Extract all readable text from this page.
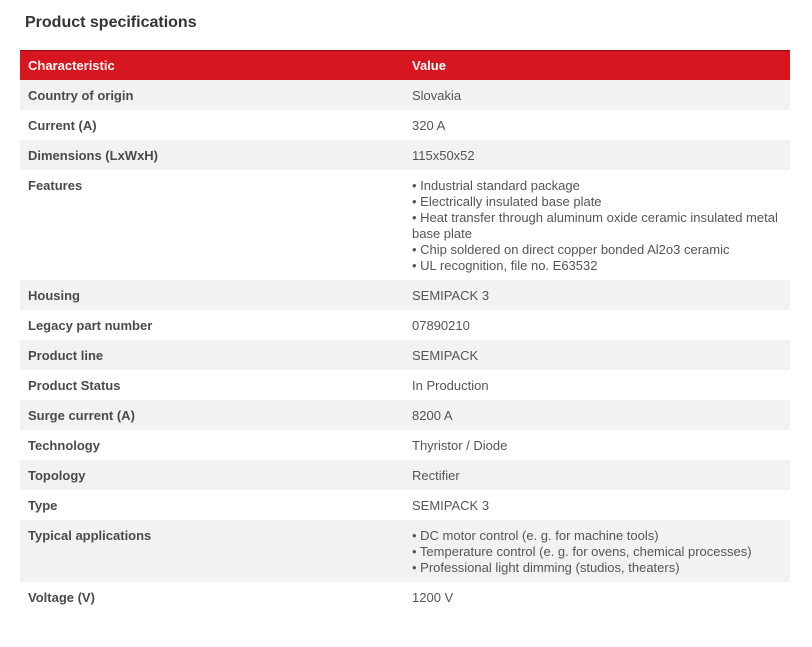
Product specifications
Characteristic	Value
Country of origin	Slovakia
Current (A)	320 A
Dimensions (LxWxH)	115x50x52
Features	• Industrial standard package
• Electrically insulated base plate
• Heat transfer through aluminum oxide ceramic insulated metal base plate
• Chip soldered on direct copper bonded Al2o3 ceramic
• UL recognition, file no. E63532

Housing	SEMIPACK 3
Legacy part number	07890210
Product line	SEMIPACK
Product Status	In Production
Surge current (A)	8200 A
Technology	Thyristor / Diode
Topology	Rectifier
Type	SEMIPACK 3
Typical applications	• DC motor control (e. g. for machine tools)
• Temperature control (e. g. for ovens, chemical processes)
• Professional light dimming (studios, theaters)

Voltage (V)	1200 V
